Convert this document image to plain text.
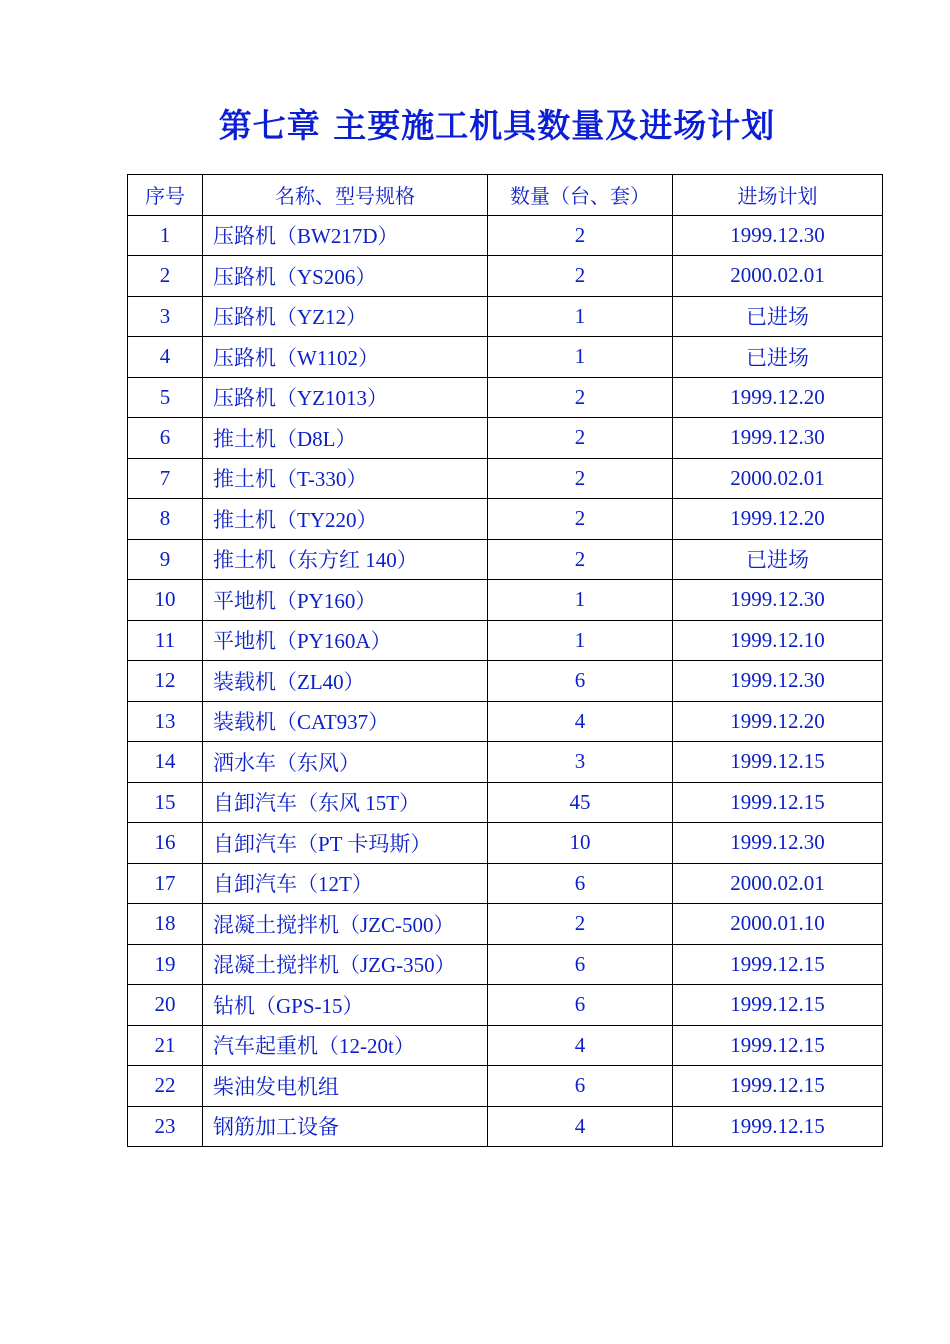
第七章 主要施工机具数量及进场计划
序号	名称、型号规格	数量（台、套）	进场计划
1	压路机（BW217D）	2	1999.12.30
2	压路机（YS206）	2	2000.02.01
3	压路机（YZ12）	1	已进场
4	压路机（W1102）	1	已进场
5	压路机（YZ1013）	2	1999.12.20
6	推土机（D8L）	2	1999.12.30
7	推土机（T-330）	2	2000.02.01
8	推土机（TY220）	2	1999.12.20
9	推土机（东方红 140）	2	已进场
10	平地机（PY160）	1	1999.12.30
11	平地机（PY160A）	1	1999.12.10
12	装载机（ZL40）	6	1999.12.30
13	装载机（CAT937）	4	1999.12.20
14	洒水车（东风）	3	1999.12.15
15	自卸汽车（东风 15T）	45	1999.12.15
16	自卸汽车（PT 卡玛斯）	10	1999.12.30
17	自卸汽车（12T）	6	2000.02.01
18	混凝土搅拌机（JZC-500）	2	2000.01.10
19	混凝土搅拌机（JZG-350）	6	1999.12.15
20	钻机（GPS-15）	6	1999.12.15
21	汽车起重机（12-20t）	4	1999.12.15
22	柴油发电机组	6	1999.12.15
23	钢筋加工设备	4	1999.12.15
